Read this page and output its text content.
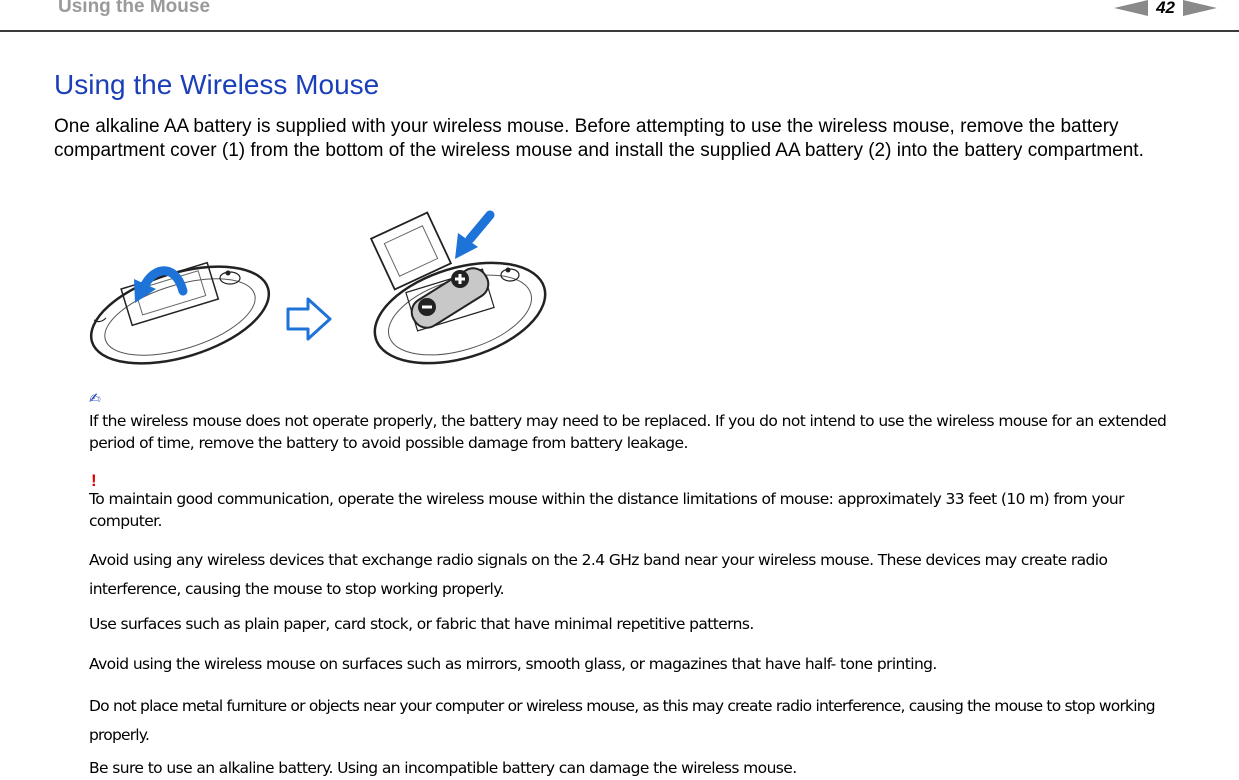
Using the Mouse	42
Using the Wireless Mouse

One alkaline AA battery is supplied with your wireless mouse. Before attempting to use the wireless mouse, remove the battery compartment cover (1) from the bottom of the wireless mouse and install the supplied AA battery (2) into the battery compartment.

✍

If the wireless mouse does not operate properly, the battery may need to be replaced. If you do not intend to use the wireless mouse for an extended period of time, remove the battery to avoid possible damage from battery leakage.

!

To maintain good communication, operate the wireless mouse within the distance limitations of mouse: approximately 33 feet (10 m) from your computer.

Avoid using any wireless devices that exchange radio signals on the 2.4 GHz band near your wireless mouse. These devices may create radio interference, causing the mouse to stop working properly.

Use surfaces such as plain paper, card stock, or fabric that have minimal repetitive patterns.

Avoid using the wireless mouse on surfaces such as mirrors, smooth glass, or magazines that have half- tone printing.

Do not place metal furniture or objects near your computer or wireless mouse, as this may create radio interference, causing the mouse to stop working properly.

Be sure to use an alkaline battery. Using an incompatible battery can damage the wireless mouse.
